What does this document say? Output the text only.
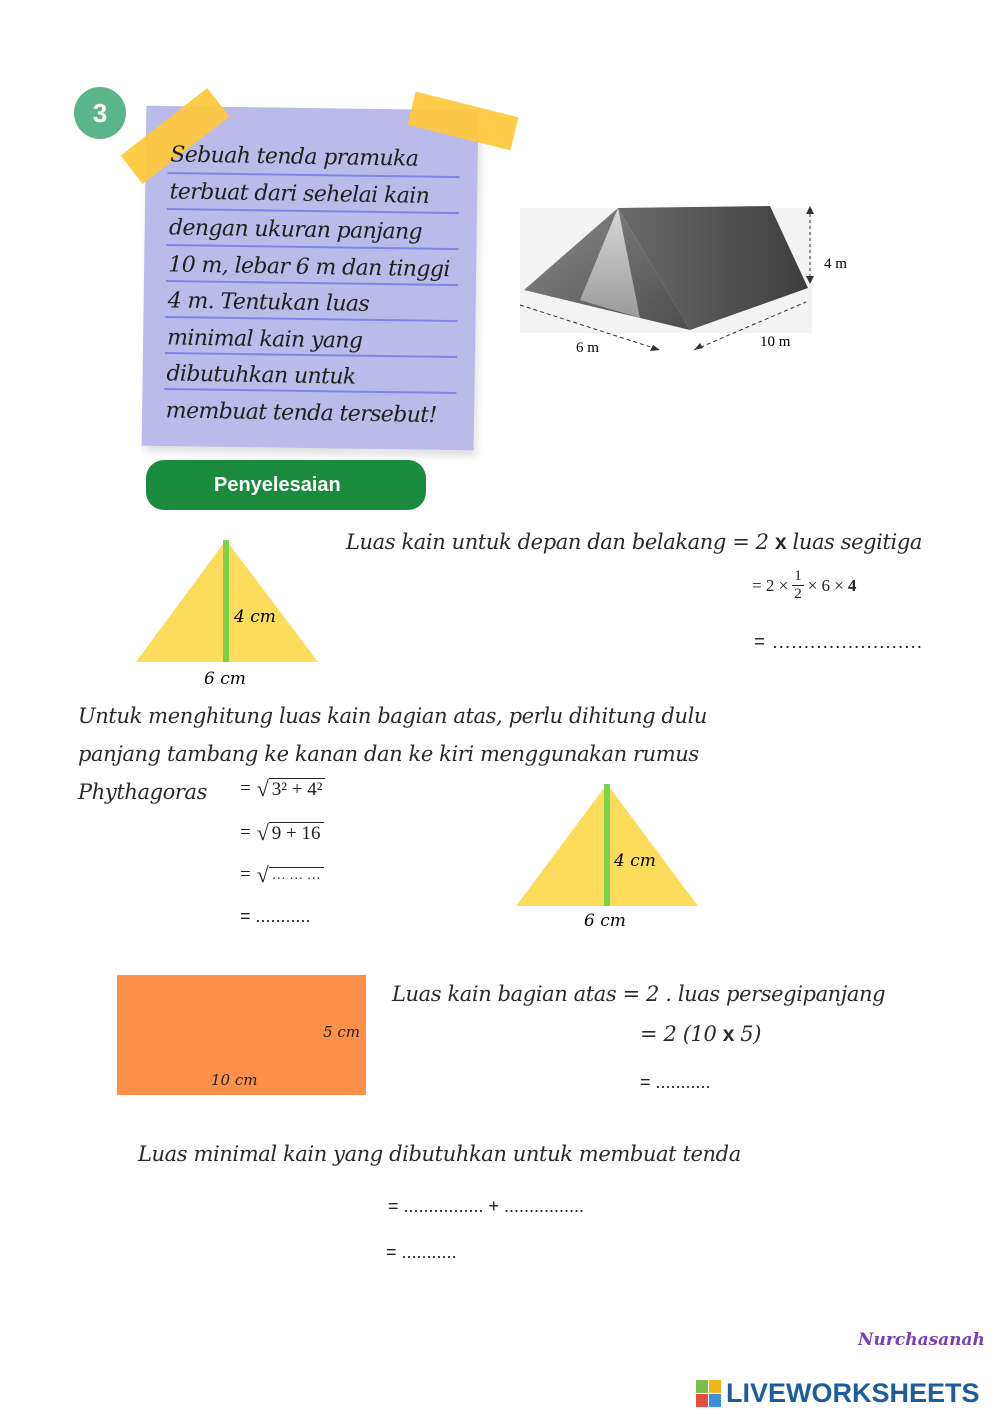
3
Sebuah tenda pramuka
terbuat dari sehelai kain
dengan ukuran panjang
10 m, lebar 6 m dan tinggi
4 m. Tentukan luas
minimal kain yang
dibutuhkan untuk
membuat tenda tersebut!
4 m
6 m	10 m
Penyelesaian
4 cm
6 cm
Luas kain untuk depan dan belakang = 2 x luas segitiga
= $2 \times \frac{1}{2} \times 6 \times 4$
= ........................
Untuk menghitung luas kain bagian atas, perlu dihitung dulu
panjang tambang ke kanan dan ke kiri menggunakan rumus
Phythagoras = √ 3² + 4²
= √ 9 + 16
= √ … … …
= ...........
4 cm
6 cm
5 cm
10 cm
Luas kain bagian atas = 2 . luas persegipanjang
= 2 (10 x 5)
= ...........
Luas minimal kain yang dibutuhkan untuk membuat tenda
= ................ + ................
= ...........
Nurchasanah
LIVEWORKSHEETS
